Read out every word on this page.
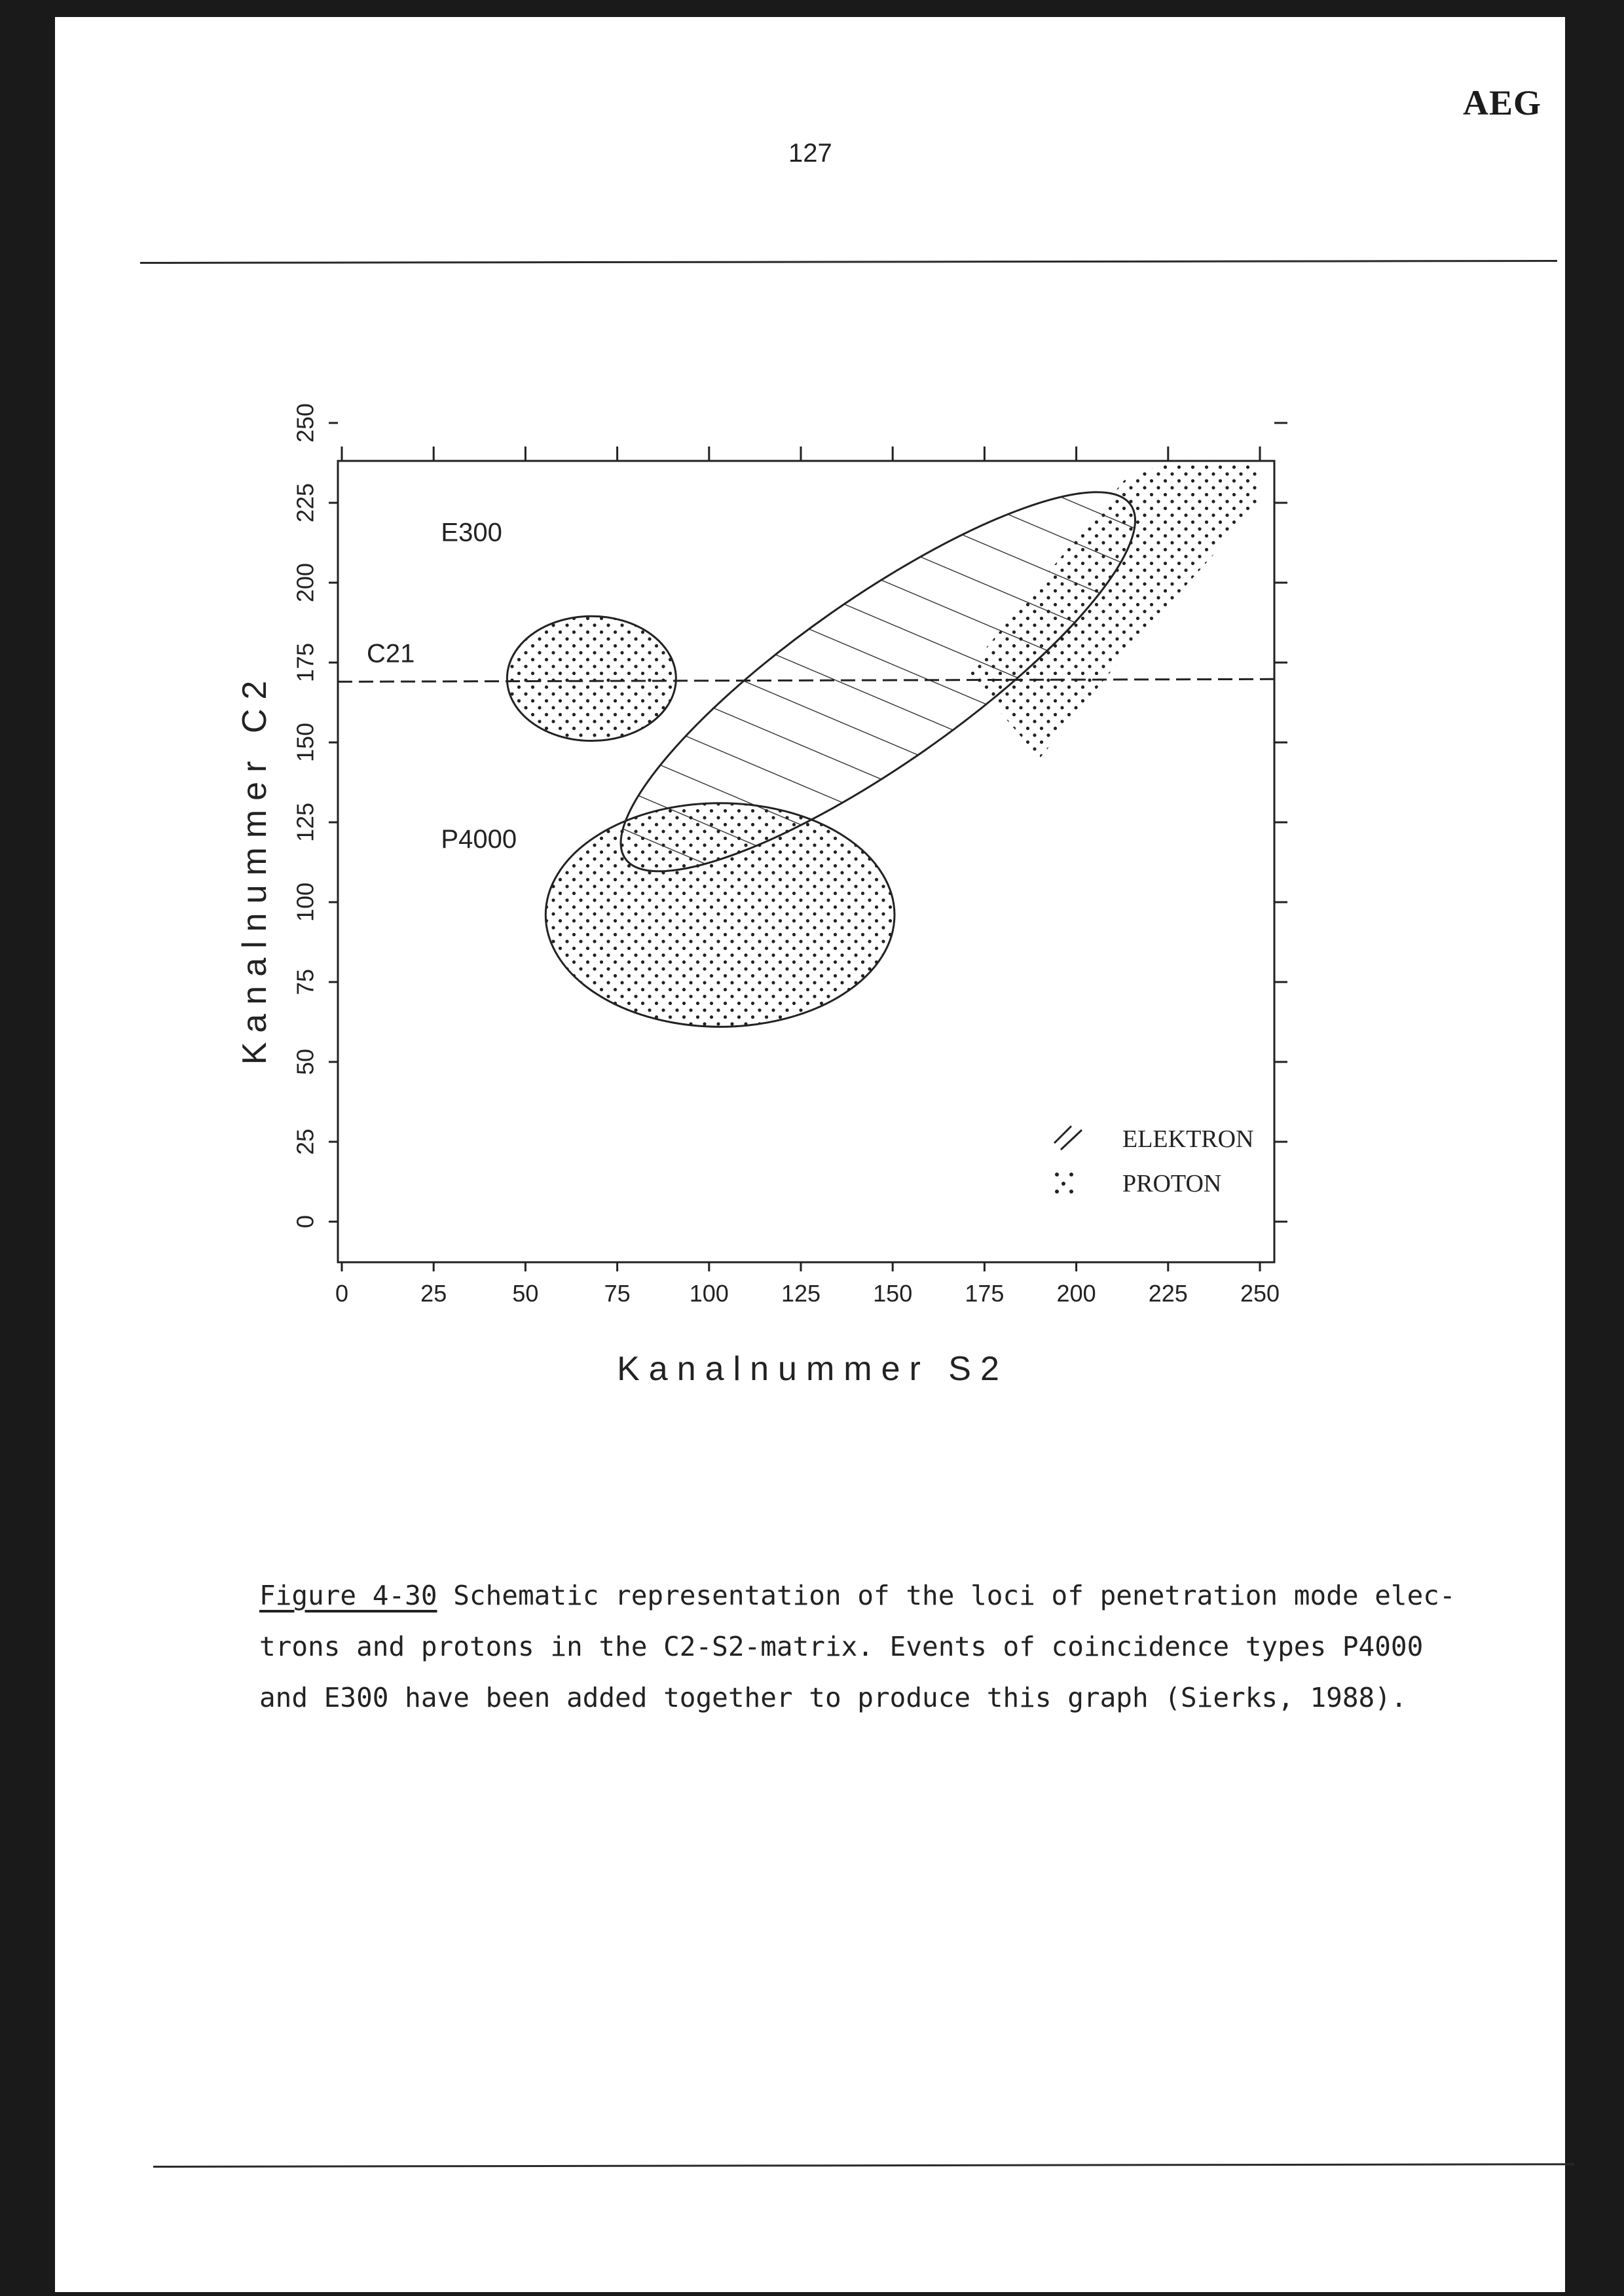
AEG
127
0	25	50	75	100 125 150 175 200 225 250
0
25
50
75
100
125
150
175
200
225
250
Kanalnummer S2
Kanalnummer C2
C21
E300
P4000
ELEKTRON
PROTON
Figure 4-30 Schematic representation of the loci of penetration mode elec-
trons and protons in the C2-S2-matrix. Events of coincidence types P4000
and E300 have been added together to produce this graph (Sierks, 1988).
